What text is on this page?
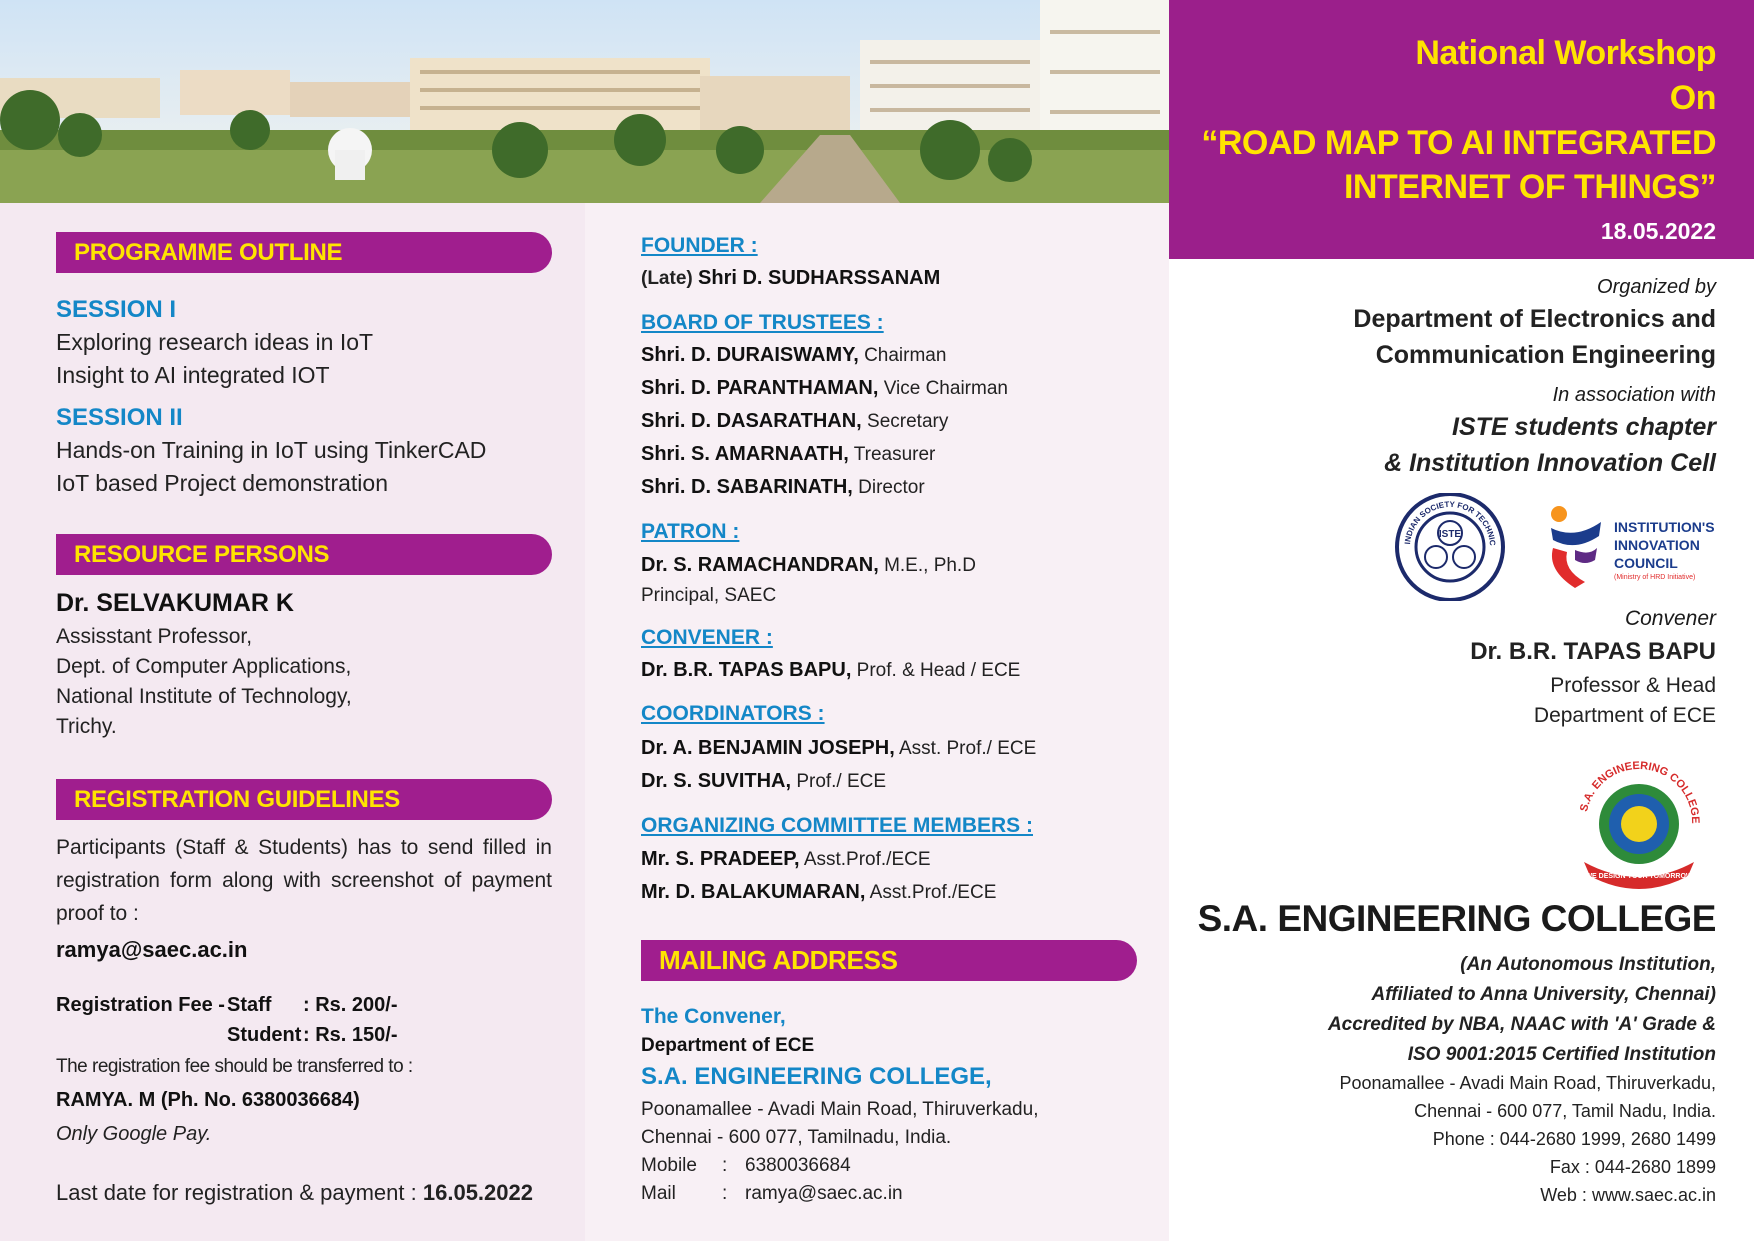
National Workshop
On
“ROAD MAP TO AI INTEGRATED
INTERNET OF THINGS”
18.05.2022
Organized by
Department of Electronics and
Communication Engineering
In association with
ISTE students chapter
& Institution Innovation Cell
INDIAN SOCIETY FOR TECHNIC
ISTE	INSTITUTION'S
INNOVATION
COUNCIL
(Ministry of HRD Initiative)
Convener
Dr. B.R. TAPAS BAPU
Professor & Head
Department of ECE
S.A. ENGINEERING COLLEGE
WE DESIGN YOUR TOMORROW
S.A. ENGINEERING COLLEGE
(An Autonomous Institution,
Affiliated to Anna University, Chennai)
Accredited by NBA, NAAC with 'A' Grade &
ISO 9001:2015 Certified Institution
Poonamallee - Avadi Main Road, Thiruverkadu,
Chennai - 600 077, Tamil Nadu, India.
Phone : 044-2680 1999, 2680 1499
Fax : 044-2680 1899
Web : www.saec.ac.in
PROGRAMME OUTLINE
SESSION I
Exploring research ideas in IoT
Insight to AI integrated IOT
SESSION II
Hands-on Training in IoT using TinkerCAD
IoT based Project demonstration
RESOURCE PERSONS
Dr. SELVAKUMAR K
Assisstant Professor,
Dept. of Computer Applications,
National Institute of Technology,
Trichy.
REGISTRATION GUIDELINES
Participants (Staff & Students) has to send filled in
registration form along with screenshot of payment
proof to :
ramya@saec.ac.in
Registration Fee - Staff : Rs. 200/-
Student : Rs. 150/-
The registration fee should be transferred to :
RAMYA. M (Ph. No. 6380036684)
Only Google Pay.
Last date for registration & payment : 16.05.2022
FOUNDER :
(Late) Shri D. SUDHARSSANAM
BOARD OF TRUSTEES :
Shri. D. DURAISWAMY, Chairman
Shri. D. PARANTHAMAN, Vice Chairman
Shri. D. DASARATHAN, Secretary
Shri. S. AMARNAATH, Treasurer
Shri. D. SABARINATH, Director
PATRON :
Dr. S. RAMACHANDRAN, M.E., Ph.D
Principal, SAEC
CONVENER :
Dr. B.R. TAPAS BAPU, Prof. & Head / ECE
COORDINATORS :
Dr. A. BENJAMIN JOSEPH, Asst. Prof./ ECE
Dr. S. SUVITHA, Prof./ ECE
ORGANIZING COMMITTEE MEMBERS :
Mr. S. PRADEEP, Asst.Prof./ECE
Mr. D. BALAKUMARAN, Asst.Prof./ECE
MAILING ADDRESS
The Convener,
Department of ECE
S.A. ENGINEERING COLLEGE,
Poonamallee - Avadi Main Road, Thiruverkadu,
Chennai - 600 077, Tamilnadu, India.
Mobile : 6380036684
Mail : ramya@saec.ac.in
